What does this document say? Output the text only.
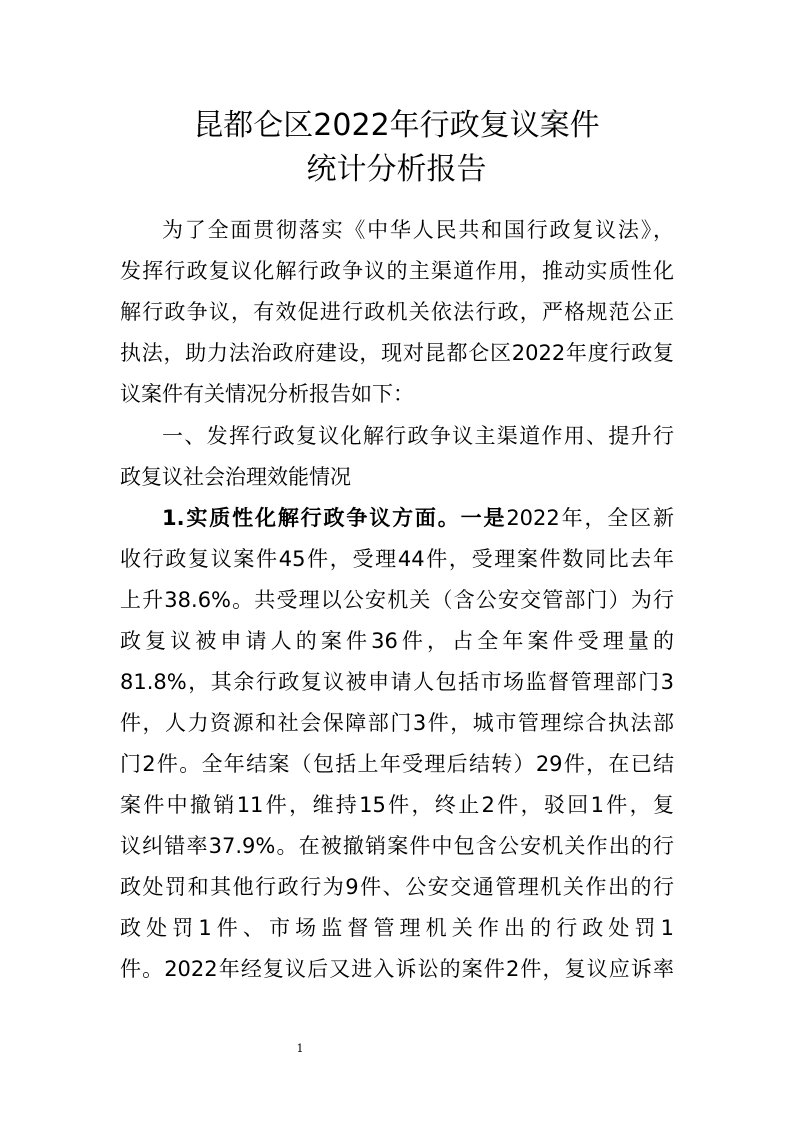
昆都仑区2022年行政复议案件
统计分析报告
为了全面贯彻落实《中华人民共和国行政复议法》，
发挥行政复议化解行政争议的主渠道作用，推动实质性化
解行政争议，有效促进行政机关依法行政，严格规范公正
执法，助力法治政府建设，现对昆都仑区2022年度行政复
议案件有关情况分析报告如下：
一、发挥行政复议化解行政争议主渠道作用、提升行
政复议社会治理效能情况
1.实质性化解行政争议方面。一是2022年，全区新
收行政复议案件45件，受理44件，受理案件数同比去年
上升38.6%。共受理以公安机关（含公安交管部门）为行
政复议被申请人的案件36件，占全年案件受理量的
81.8%，其余行政复议被申请人包括市场监督管理部门3
件，人力资源和社会保障部门3件，城市管理综合执法部
门2件。全年结案（包括上年受理后结转）29件，在已结
案件中撤销11件，维持15件，终止2件，驳回1件，复
议纠错率37.9%。在被撤销案件中包含公安机关作出的行
政处罚和其他行政行为9件、公安交通管理机关作出的行
政处罚1件、市场监督管理机关作出的行政处罚1
件。2022年经复议后又进入诉讼的案件2件，复议应诉率
1
